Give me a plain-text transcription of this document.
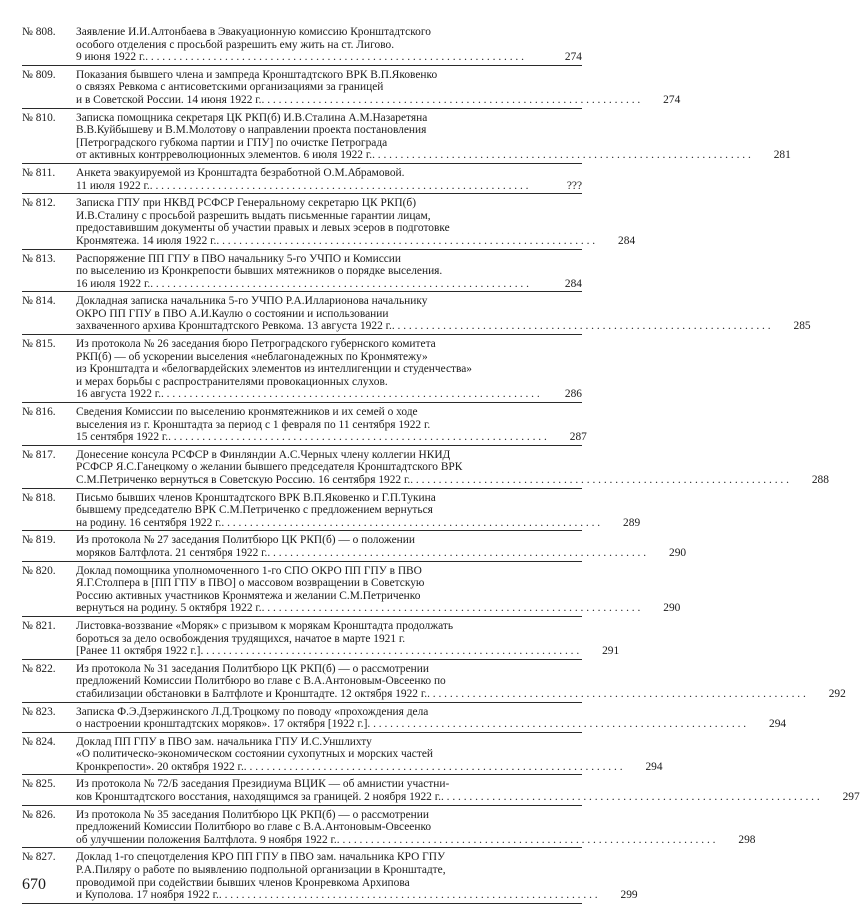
№ 808.	Заявление И.И.Алтонбаева в Эвакуационную комиссию Кронштадтского
особого отделения с просьбой разрешить ему жить на ст. Лигово.
9 июня 1922 г. . . . . . . . . . . . . . . . . . . . . . . . . . . . . . . . . . . . . . . . . . . . . . . . . . . . . . . . . . . . . . . . . . . .	274
№ 809.	Показания бывшего члена и зампреда Кронштадтского ВРК В.П.Яковенко
о связях Ревкома с антисоветскими организациями за границей
и в Советской России. 14 июня 1922 г. . . . . . . . . . . . . . . . . . . . . . . . . . . . . . . . . . . . . . . . . . . . . . . . . . . . . . . . . . . . . . . . . . . .	274
№ 810.	Записка помощника секретаря ЦК РКП(б) И.В.Сталина А.М.Назаретяна
В.В.Куйбышеву и В.М.Молотову о направлении проекта постановления
[Петроградского губкома партии и ГПУ] по очистке Петрограда
от активных контрреволюционных элементов. 6 июля 1922 г. . . . . . . . . . . . . . . . . . . . . . . . . . . . . . . . . . . . . . . . . . . . . . . . . . . . . . . . . . . . . . . . . . . .	281
№ 811.	Анкета эвакуируемой из Кронштадта безработной О.М.Абрамовой.
11 июля 1922 г. . . . . . . . . . . . . . . . . . . . . . . . . . . . . . . . . . . . . . . . . . . . . . . . . . . . . . . . . . . . . . . . . . . .	???
№ 812.	Записка ГПУ при НКВД РСФСР Генеральному секретарю ЦК РКП(б)
И.В.Сталину с просьбой разрешить выдать письменные гарантии лицам,
предоставившим документы об участии правых и левых эсеров в подготовке
Кронмятежа. 14 июля 1922 г. . . . . . . . . . . . . . . . . . . . . . . . . . . . . . . . . . . . . . . . . . . . . . . . . . . . . . . . . . . . . . . . . . . .	284
№ 813.	Распоряжение ПП ГПУ в ПВО начальнику 5-го УЧПО и Комиссии
по выселению из Кронкрепости бывших мятежников о порядке выселения.
16 июля 1922 г. . . . . . . . . . . . . . . . . . . . . . . . . . . . . . . . . . . . . . . . . . . . . . . . . . . . . . . . . . . . . . . . . . . .	284
№ 814.	Докладная записка начальника 5-го УЧПО Р.А.Илларионова начальнику
ОКРО ПП ГПУ в ПВО А.И.Каулю о состоянии и использовании
захваченного архива Кронштадтского Ревкома. 13 августа 1922 г. . . . . . . . . . . . . . . . . . . . . . . . . . . . . . . . . . . . . . . . . . . . . . . . . . . . . . . . . . . . . . . . . . . .	285
№ 815.	Из протокола № 26 заседания бюро Петроградского губернского комитета
РКП(б) — об ускорении выселения «неблагонадежных по Кронмятежу»
из Кронштадта и «белогвардейских элементов из интеллигенции и студенчества»
и мерах борьбы с распространителями провокационных слухов.
16 августа 1922 г. . . . . . . . . . . . . . . . . . . . . . . . . . . . . . . . . . . . . . . . . . . . . . . . . . . . . . . . . . . . . . . . . . . .	286
№ 816.	Сведения Комиссии по выселению кронмятежников и их семей о ходе
выселения из г. Кронштадта за период с 1 февраля по 11 сентября 1922 г.
15 сентября 1922 г. . . . . . . . . . . . . . . . . . . . . . . . . . . . . . . . . . . . . . . . . . . . . . . . . . . . . . . . . . . . . . . . . . . .	287
№ 817.	Донесение консула РСФСР в Финляндии А.С.Черных члену коллегии НКИД
РСФСР Я.С.Ганецкому о желании бывшего председателя Кронштадтского ВРК
С.М.Петриченко вернуться в Советскую Россию. 16 сентября 1922 г. . . . . . . . . . . . . . . . . . . . . . . . . . . . . . . . . . . . . . . . . . . . . . . . . . . . . . . . . . . . . . . . . . . .	288
№ 818.	Письмо бывших членов Кронштадтского ВРК В.П.Яковенко и Г.П.Тукина
бывшему председателю ВРК С.М.Петриченко с предложением вернуться
на родину. 16 сентября 1922 г. . . . . . . . . . . . . . . . . . . . . . . . . . . . . . . . . . . . . . . . . . . . . . . . . . . . . . . . . . . . . . . . . . . .	289
№ 819.	Из протокола № 27 заседания Политбюро ЦК РКП(б) — о положении
моряков Балтфлота. 21 сентября 1922 г. . . . . . . . . . . . . . . . . . . . . . . . . . . . . . . . . . . . . . . . . . . . . . . . . . . . . . . . . . . . . . . . . . . .	290
№ 820.	Доклад помощника уполномоченного 1-го СПО ОКРО ПП ГПУ в ПВО
Я.Г.Столпера в [ПП ГПУ в ПВО] о массовом возвращении в Советскую
Россию активных участников Кронмятежа и желании С.М.Петриченко
вернуться на родину. 5 октября 1922 г. . . . . . . . . . . . . . . . . . . . . . . . . . . . . . . . . . . . . . . . . . . . . . . . . . . . . . . . . . . . . . . . . . . .	290
№ 821.	Листовка-воззвание «Моряк» с призывом к морякам Кронштадта продолжать
бороться за дело освобождения трудящихся, начатое в марте 1921 г.
[Ранее 11 октября 1922 г.] . . . . . . . . . . . . . . . . . . . . . . . . . . . . . . . . . . . . . . . . . . . . . . . . . . . . . . . . . . . . . . . . . . .	291
№ 822.	Из протокола № 31 заседания Политбюро ЦК РКП(б) — о рассмотрении
предложений Комиссии Политбюро во главе с В.А.Антоновым-Овсеенко по
стабилизации обстановки в Балтфлоте и Кронштадте. 12 октября 1922 г. . . . . . . . . . . . . . . . . . . . . . . . . . . . . . . . . . . . . . . . . . . . . . . . . . . . . . . . . . . . . . . . . . . .	292
№ 823.	Записка Ф.Э.Дзержинского Л.Д.Троцкому по поводу «прохождения дела
о настроении кронштадтских моряков». 17 октября [1922 г.] . . . . . . . . . . . . . . . . . . . . . . . . . . . . . . . . . . . . . . . . . . . . . . . . . . . . . . . . . . . . . . . . . . .	294
№ 824.	Доклад ПП ГПУ в ПВО зам. начальника ГПУ И.С.Уншлихту
«О политическо-экономическом состоянии сухопутных и морских частей
Кронкрепости». 20 октября 1922 г. . . . . . . . . . . . . . . . . . . . . . . . . . . . . . . . . . . . . . . . . . . . . . . . . . . . . . . . . . . . . . . . . . . .	294
№ 825.	Из протокола № 72/Б заседания Президиума ВЦИК — об амнистии участни-
ков Кронштадтского восстания, находящимся за границей. 2 ноября 1922 г. . . . . . . . . . . . . . . . . . . . . . . . . . . . . . . . . . . . . . . . . . . . . . . . . . . . . . . . . . . . . . . . . . . .	297
№ 826.	Из протокола № 35 заседания Политбюро ЦК РКП(б) — о рассмотрении
предложений Комиссии Политбюро во главе с В.А.Антоновым-Овсеенко
об улучшении положения Балтфлота. 9 ноября 1922 г. . . . . . . . . . . . . . . . . . . . . . . . . . . . . . . . . . . . . . . . . . . . . . . . . . . . . . . . . . . . . . . . . . . .	298
№ 827.	Доклад 1-го спецотделения КРО ПП ГПУ в ПВО зам. начальника КРО ГПУ
Р.А.Пиляру о работе по выявлению подпольной организации в Кронштадте,
проводимой при содействии бывших членов Кронревкома Архипова
и Куполова. 17 ноября 1922 г. . . . . . . . . . . . . . . . . . . . . . . . . . . . . . . . . . . . . . . . . . . . . . . . . . . . . . . . . . . . . . . . . . . .	299
670
